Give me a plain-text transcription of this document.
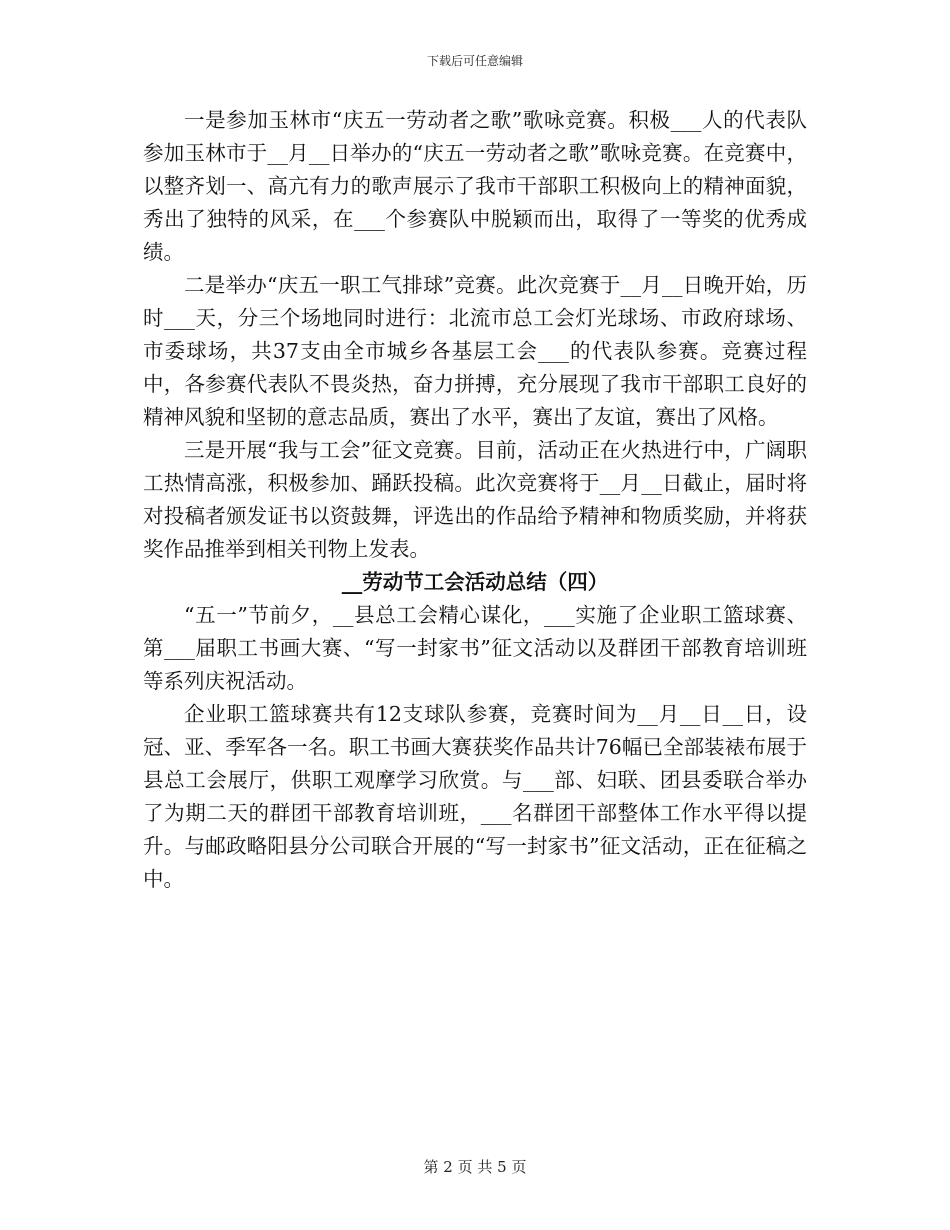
下载后可任意编辑

一是参加玉林市“庆五一劳动者之歌”歌咏竞赛。积极___人的代表队参加玉林市于__月__日举办的“庆五一劳动者之歌”歌咏竞赛。在竞赛中，以整齐划一、高亢有力的歌声展示了我市干部职工积极向上的精神面貌，秀出了独特的风采，在___个参赛队中脱颖而出，取得了一等奖的优秀成绩。

二是举办“庆五一职工气排球”竞赛。此次竞赛于__月__日晚开始，历时___天，分三个场地同时进行：北流市总工会灯光球场、市政府球场、市委球场，共37支由全市城乡各基层工会___的代表队参赛。竞赛过程中，各参赛代表队不畏炎热，奋力拼搏，充分展现了我市干部职工良好的精神风貌和坚韧的意志品质，赛出了水平，赛出了友谊，赛出了风格。

三是开展“我与工会”征文竞赛。目前，活动正在火热进行中，广阔职工热情高涨，积极参加、踊跃投稿。此次竞赛将于__月__日截止，届时将对投稿者颁发证书以资鼓舞，评选出的作品给予精神和物质奖励，并将获奖作品推举到相关刊物上发表。

__劳动节工会活动总结（四）

“五一”节前夕，__县总工会精心谋化，___实施了企业职工篮球赛、第___届职工书画大赛、“写一封家书”征文活动以及群团干部教育培训班等系列庆祝活动。

企业职工篮球赛共有12支球队参赛，竞赛时间为__月__日__日，设冠、亚、季军各一名。职工书画大赛获奖作品共计76幅已全部装裱布展于县总工会展厅，供职工观摩学习欣赏。与___部、妇联、团县委联合举办了为期二天的群团干部教育培训班，___名群团干部整体工作水平得以提升。与邮政略阳县分公司联合开展的“写一封家书”征文活动，正在征稿之中。

第 2 页 共 5 页
